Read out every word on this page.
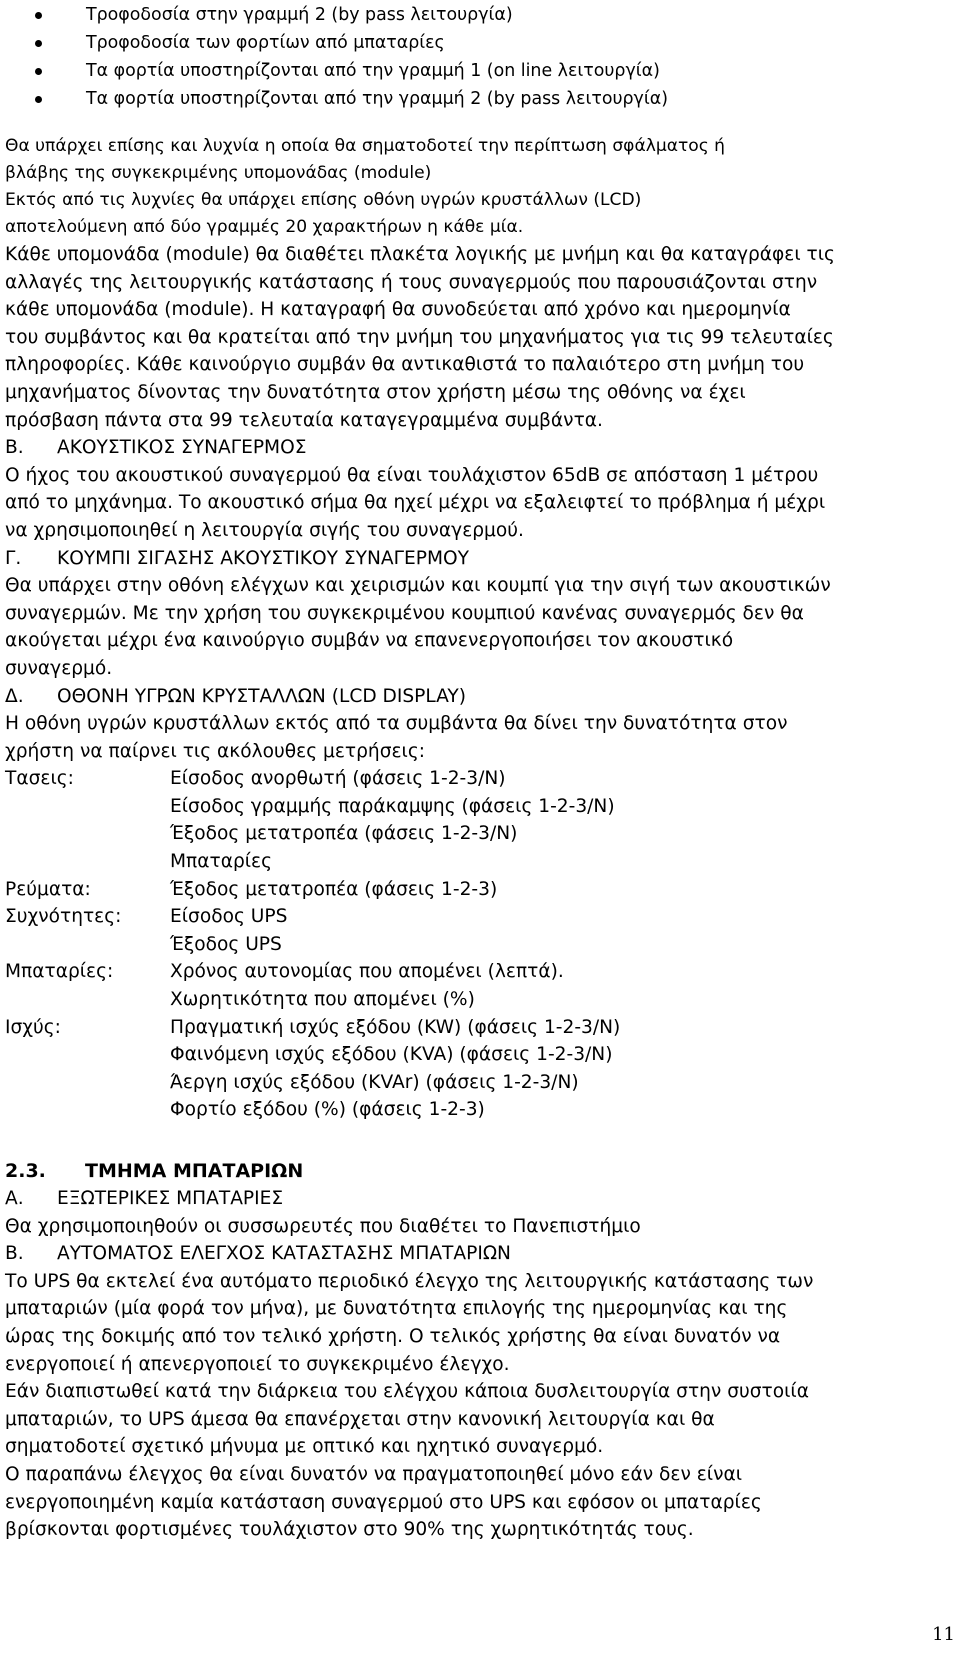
Τροφοδοσία στην γραμμή 2 (by pass λειτουργία)
Τροφοδοσία των φορτίων από μπαταρίες
Τα φορτία υποστηρίζονται από την γραμμή 1 (on line λειτουργία)
Τα φορτία υποστηρίζονται από την γραμμή 2 (by pass λειτουργία)
Θα υπάρχει επίσης και λυχνία η οποία θα σηματοδοτεί την περίπτωση σφάλματος ή
βλάβης της συγκεκριμένης υπομονάδας (module)
Εκτός από τις λυχνίες θα υπάρχει επίσης οθόνη υγρών κρυστάλλων (LCD)
αποτελούμενη από δύο γραμμές 20 χαρακτήρων η κάθε μία.
Κάθε υπομονάδα (module) θα διαθέτει πλακέτα λογικής με μνήμη και θα καταγράφει τις
αλλαγές της λειτουργικής κατάστασης ή τους συναγερμούς που παρουσιάζονται στην
κάθε υπομονάδα (module). Η καταγραφή θα συνοδεύεται από χρόνο και ημερομηνία
του συμβάντος και θα κρατείται από την μνήμη του μηχανήματος για τις 99 τελευταίες
πληροφορίες. Κάθε καινούργιο συμβάν θα αντικαθιστά το παλαιότερο στη μνήμη του
μηχανήματος δίνοντας την δυνατότητα στον χρήστη μέσω της οθόνης να έχει
πρόσβαση πάντα στα 99 τελευταία καταγεγραμμένα συμβάντα.
Β.	ΑΚΟΥΣΤΙΚΟΣ ΣΥΝΑΓΕΡΜΟΣ
Ο ήχος του ακουστικού συναγερμού θα είναι τουλάχιστον 65dB σε απόσταση 1 μέτρου
από το μηχάνημα. Το ακουστικό σήμα θα ηχεί μέχρι να εξαλειφτεί το πρόβλημα ή μέχρι
να χρησιμοποιηθεί η λειτουργία σιγής του συναγερμού.
Γ.	ΚΟΥΜΠΙ ΣΙΓΑΣΗΣ ΑΚΟΥΣΤΙΚΟΥ ΣΥΝΑΓΕΡΜΟΥ
Θα υπάρχει στην οθόνη ελέγχων και χειρισμών και κουμπί για την σιγή των ακουστικών
συναγερμών. Με την χρήση του συγκεκριμένου κουμπιού κανένας συναγερμός δεν θα
ακούγεται μέχρι ένα καινούργιο συμβάν να επανενεργοποιήσει τον ακουστικό
συναγερμό.
Δ.	ΟΘΟΝΗ ΥΓΡΩΝ ΚΡΥΣΤΑΛΛΩΝ (LCD DISPLAY)
Η οθόνη υγρών κρυστάλλων εκτός από τα συμβάντα θα δίνει την δυνατότητα στον
χρήστη να παίρνει τις ακόλουθες μετρήσεις:
Τασεις:	Είσοδος ανορθωτή (φάσεις 1-2-3/N)
Είσοδος γραμμής παράκαμψης (φάσεις 1-2-3/N)
Έξοδος μετατροπέα (φάσεις 1-2-3/N)
Μπαταρίες
Ρεύματα:	Έξοδος μετατροπέα (φάσεις 1-2-3)
Συχνότητες:	Είσοδος UPS
Έξοδος UPS
Μπαταρίες:	Χρόνος αυτονομίας που απομένει (λεπτά).
Χωρητικότητα που απομένει (%)
Ισχύς:	Πραγματική ισχύς εξόδου (KW) (φάσεις 1-2-3/N)
Φαινόμενη ισχύς εξόδου (KVA) (φάσεις 1-2-3/N)
Άεργη ισχύς εξόδου (KVAr) (φάσεις 1-2-3/N)
Φορτίο εξόδου (%) (φάσεις 1-2-3)
2.3.	ΤΜΗΜΑ ΜΠΑΤΑΡΙΩΝ
Α.	ΕΞΩΤΕΡΙΚΕΣ ΜΠΑΤΑΡΙΕΣ
Θα χρησιμοποιηθούν οι συσσωρευτές που διαθέτει το Πανεπιστήμιο
Β.	ΑΥΤΟΜΑΤΟΣ ΕΛΕΓΧΟΣ ΚΑΤΑΣΤΑΣΗΣ ΜΠΑΤΑΡΙΩΝ
Το UPS θα εκτελεί ένα αυτόματο περιοδικό έλεγχο της λειτουργικής κατάστασης των
μπαταριών (μία φορά τον μήνα), με δυνατότητα επιλογής της ημερομηνίας και της
ώρας της δοκιμής από τον τελικό χρήστη. Ο τελικός χρήστης θα είναι δυνατόν να
ενεργοποιεί ή απενεργοποιεί το συγκεκριμένο έλεγχο.
Εάν διαπιστωθεί κατά την διάρκεια του ελέγχου κάποια δυσλειτουργία στην συστοιία
μπαταριών, το UPS άμεσα θα επανέρχεται στην κανονική λειτουργία και θα
σηματοδοτεί σχετικό μήνυμα με οπτικό και ηχητικό συναγερμό.
Ο παραπάνω έλεγχος θα είναι δυνατόν να πραγματοποιηθεί μόνο εάν δεν είναι
ενεργοποιημένη καμία κατάσταση συναγερμού στο UPS και εφόσον οι μπαταρίες
βρίσκονται φορτισμένες τουλάχιστον στο 90% της χωρητικότητάς τους.
11
